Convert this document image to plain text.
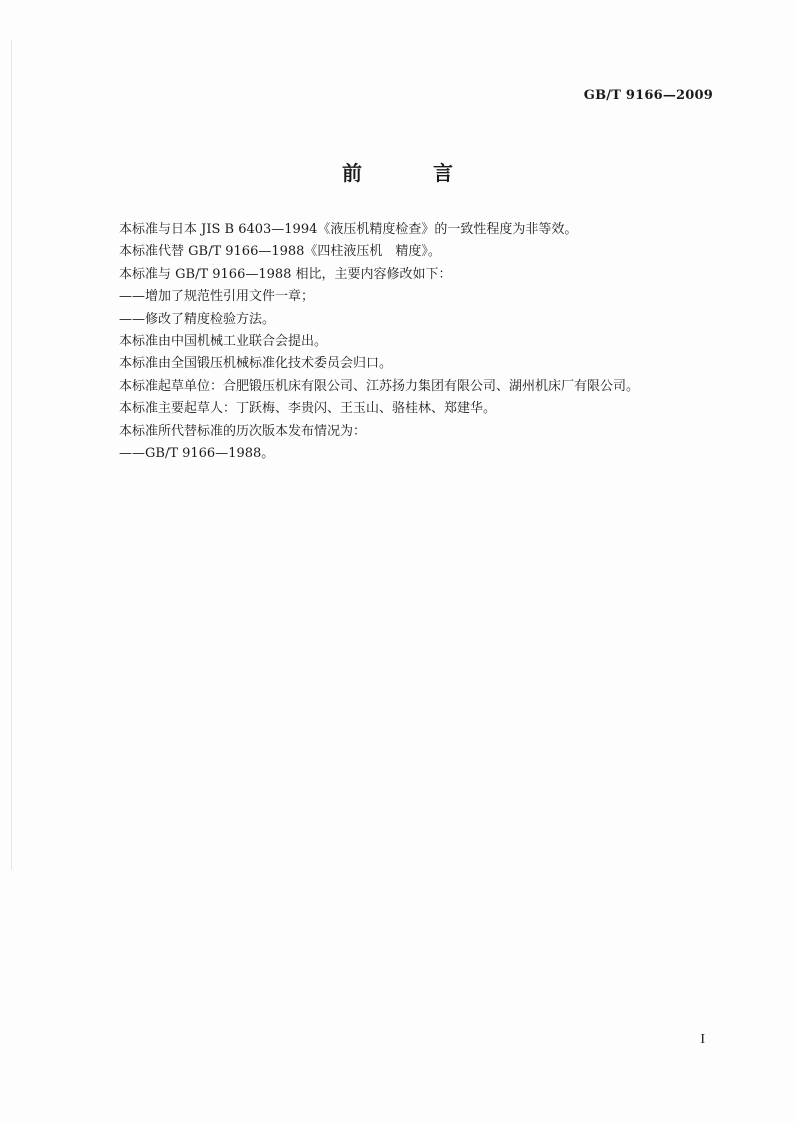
GB/T 9166—2009
前 言

本标准与日本 JIS B 6403—1994《液压机精度检查》的一致性程度为非等效。

本标准代替 GB/T 9166—1988《四柱液压机　精度》。

本标准与 GB/T 9166—1988 相比，主要内容修改如下：

——增加了规范性引用文件一章；

——修改了精度检验方法。

本标准由中国机械工业联合会提出。

本标准由全国锻压机械标准化技术委员会归口。

本标准起草单位：合肥锻压机床有限公司、江苏扬力集团有限公司、湖州机床厂有限公司。

本标准主要起草人：丁跃梅、李贵闪、王玉山、骆桂林、郑建华。

本标准所代替标准的历次版本发布情况为：

——GB/T 9166—1988。

I
